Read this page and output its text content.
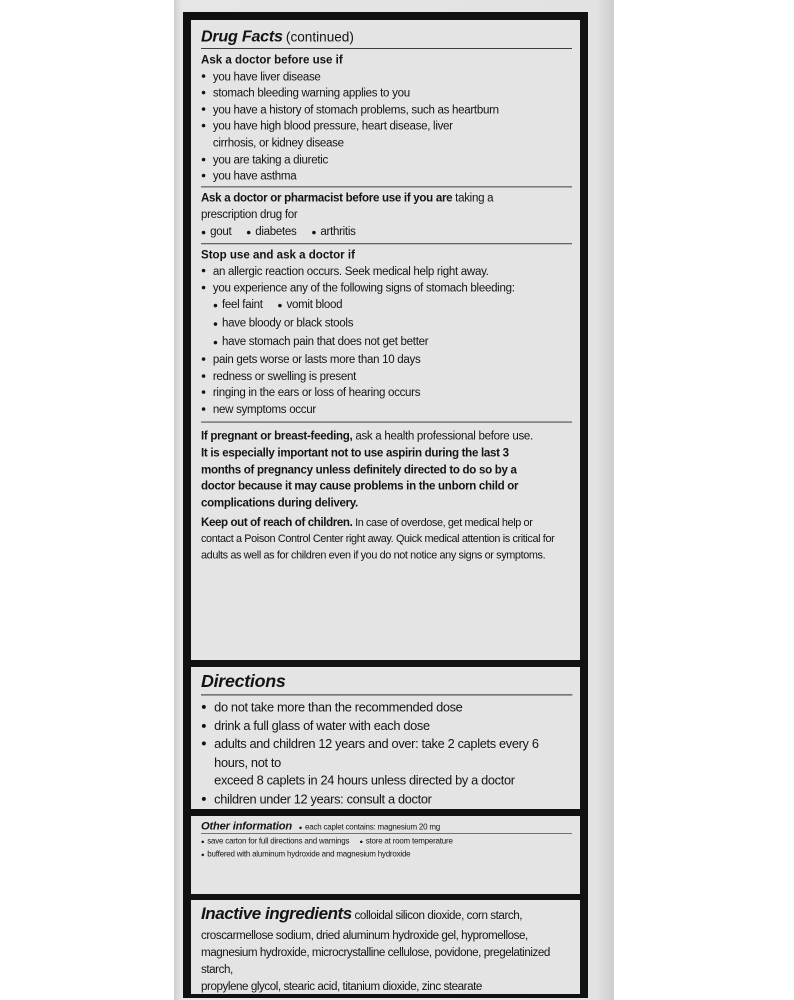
Drug Facts (continued)
Ask a doctor before use if
● you have liver disease
● stomach bleeding warning applies to you
● you have a history of stomach problems, such as heartburn
● you have high blood pressure, heart disease, liver
cirrhosis, or kidney disease
● you are taking a diuretic
● you have asthma
Ask a doctor or pharmacist before use if you are taking a
prescription drug for
● gout ● diabetes ● arthritis
Stop use and ask a doctor if
● an allergic reaction occurs. Seek medical help right away.
● you experience any of the following signs of stomach bleeding:
● feel faint ● vomit blood
● have bloody or black stools
● have stomach pain that does not get better
● pain gets worse or lasts more than 10 days
● redness or swelling is present
● ringing in the ears or loss of hearing occurs
● new symptoms occur
If pregnant or breast-feeding, ask a health professional before use.
It is especially important not to use aspirin during the last 3
months of pregnancy unless definitely directed to do so by a
doctor because it may cause problems in the unborn child or
complications during delivery.
Keep out of reach of children. In case of overdose, get medical help or
contact a Poison Control Center right away. Quick medical attention is critical for
adults as well as for children even if you do not notice any signs or symptoms.
Directions
● do not take more than the recommended dose
● drink a full glass of water with each dose
● adults and children 12 years and over: take 2 caplets every 6 hours, not to
exceed 8 caplets in 24 hours unless directed by a doctor
● children under 12 years: consult a doctor
Other information ● each caplet contains: magnesium 20 mg
● save carton for full directions and warnings ● store at room temperature
● buffered with aluminum hydroxide and magnesium hydroxide
Inactive ingredients colloidal silicon dioxide, corn starch,
croscarmellose sodium, dried aluminum hydroxide gel, hypromellose,
magnesium hydroxide, microcrystalline cellulose, povidone, pregelatinized starch,
propylene glycol, stearic acid, titanium dioxide, zinc stearate
